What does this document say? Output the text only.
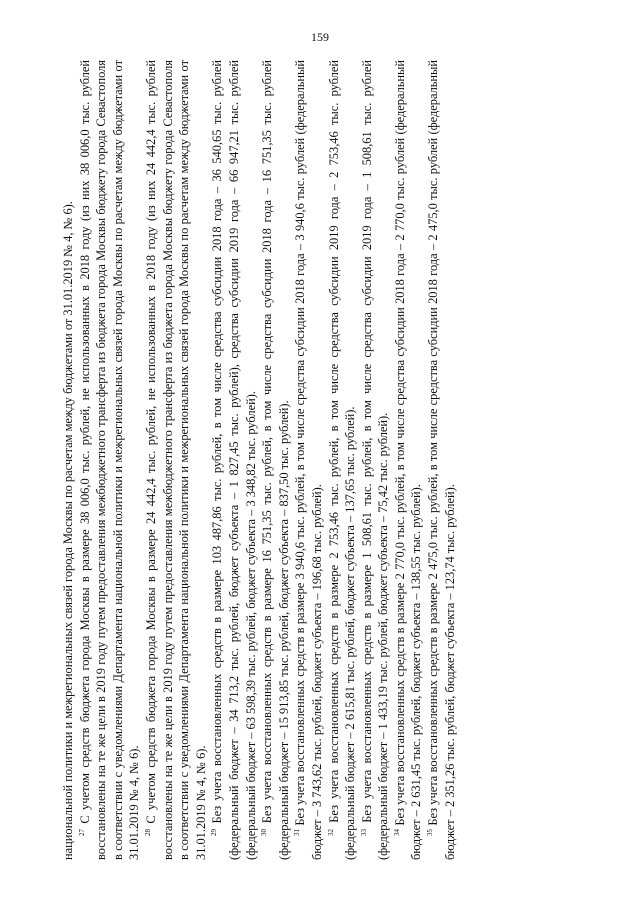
159

национальной политики и межрегиональных связей города Москвы по расчетам между бюджетами от 31.01.2019 № 4, № 6). $^{27}$ С учетом средств бюджета города Москвы в размере 38 006,0 тыс. рублей, не использованных в 2018 году (из них 38 006,0 тыс. рублей восстановлены на те же цели в 2019 году путем предоставления межбюджетного трансферта из бюджета города Москвы бюджету города Севастополя в соответствии с уведомлениями Департамента национальной политики и межрегиональных связей города Москвы по расчетам между бюджетами от 31.01.2019 № 4, № 6). $^{28}$ С учетом средств бюджета города Москвы в размере 24 442,4 тыс. рублей, не использованных в 2018 году (из них 24 442,4 тыс. рублей восстановлены на те же цели в 2019 году путем предоставления межбюджетного трансферта из бюджета города Москвы бюджету города Севастополя в соответствии с уведомлениями Департамента национальной политики и межрегиональных связей города Москвы по расчетам между бюджетами от 31.01.2019 № 4, № 6). $^{29}$ Без учета восстановленных средств в размере 103 487,86 тыс. рублей, в том числе средства субсидии 2018 года – 36 540,65 тыс. рублей (федеральный бюджет – 34 713,2 тыс. рублей, бюджет субъекта – 1 827,45 тыс. рублей), средства субсидии 2019 года – 66 947,21 тыс. рублей (федеральный бюджет – 63 598,39 тыс. рублей, бюджет субъекта – 3 348,82 тыс. рублей). $^{30}$ Без учета восстановленных средств в размере 16 751,35 тыс. рублей, в том числе средства субсидии 2018 года – 16 751,35 тыс. рублей (федеральный бюджет – 15 913,85 тыс. рублей, бюджет субъекта – 837,50 тыс. рублей). $^{31}$ Без учета восстановленных средств в размере 3 940,6 тыс. рублей, в том числе средства субсидии 2018 года – 3 940,6 тыс. рублей (федеральный бюджет – 3 743,62 тыс. рублей, бюджет субъекта – 196,68 тыс. рублей). $^{32}$ Без учета восстановленных средств в размере 2 753,46 тыс. рублей, в том числе средства субсидии 2019 года – 2 753,46 тыс. рублей (федеральный бюджет – 2 615,81 тыс. рублей, бюджет субъекта – 137,65 тыс. рублей). $^{33}$ Без учета восстановленных средств в размере 1 508,61 тыс. рублей, в том числе средства субсидии 2019 года – 1 508,61 тыс. рублей (федеральный бюджет – 1 433,19 тыс. рублей, бюджет субъекта – 75,42 тыс. рублей). $^{34}$ Без учета восстановленных средств в размере 2 770,0 тыс. рублей, в том числе средства субсидии 2018 года – 2 770,0 тыс. рублей (федеральный бюджет – 2 631,45 тыс. рублей, бюджет субъекта – 138,55 тыс. рублей). $^{35}$ Без учета восстановленных средств в размере 2 475,0 тыс. рублей, в том числе средства субсидии 2018 года – 2 475,0 тыс. рублей (федеральный бюджет – 2 351,26 тыс. рублей, бюджет субъекта – 123,74 тыс. рублей).
